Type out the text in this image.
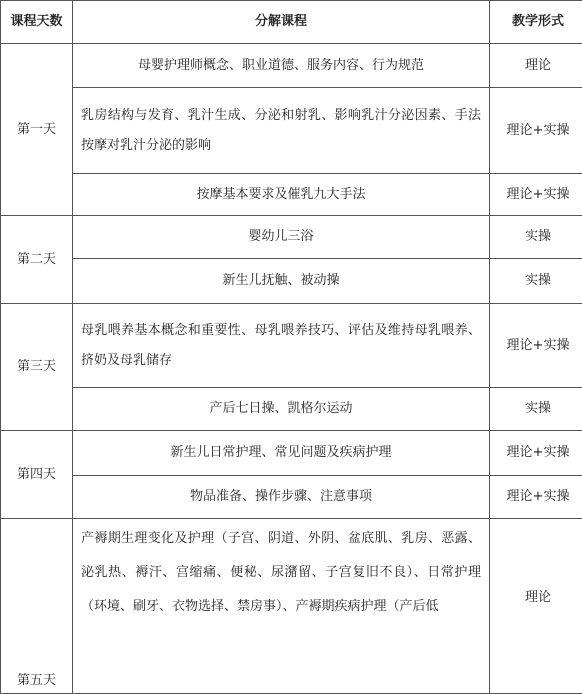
课程天数	分解课程	教学形式
第一天	母婴护理师概念、职业道德、服务内容、行为规范	理论
	乳房结构与发育、乳汁生成、分泌和射乳、影响乳汁分泌因素、手法按摩对乳汁分泌的影响	理论+实操
	按摩基本要求及催乳九大手法	理论+实操
第二天	婴幼儿三浴	实操
	新生儿抚触、被动操	实操
第三天	母乳喂养基本概念和重要性、母乳喂养技巧、评估及维持母乳喂养、挤奶及母乳储存	理论+实操
	产后七日操、凯格尔运动	实操
第四天	新生儿日常护理、常见问题及疾病护理	理论+实操
	物品准备、操作步骤、注意事项	理论+实操
第五天	产褥期生理变化及护理（子宫、阴道、外阴、盆底肌、乳房、恶露、泌乳热、褥汗、宫缩痛、便秘、尿潴留、子宫复旧不良）、日常护理（环境、刷牙、衣物选择、禁房事）、产褥期疾病护理（产后低	理论
